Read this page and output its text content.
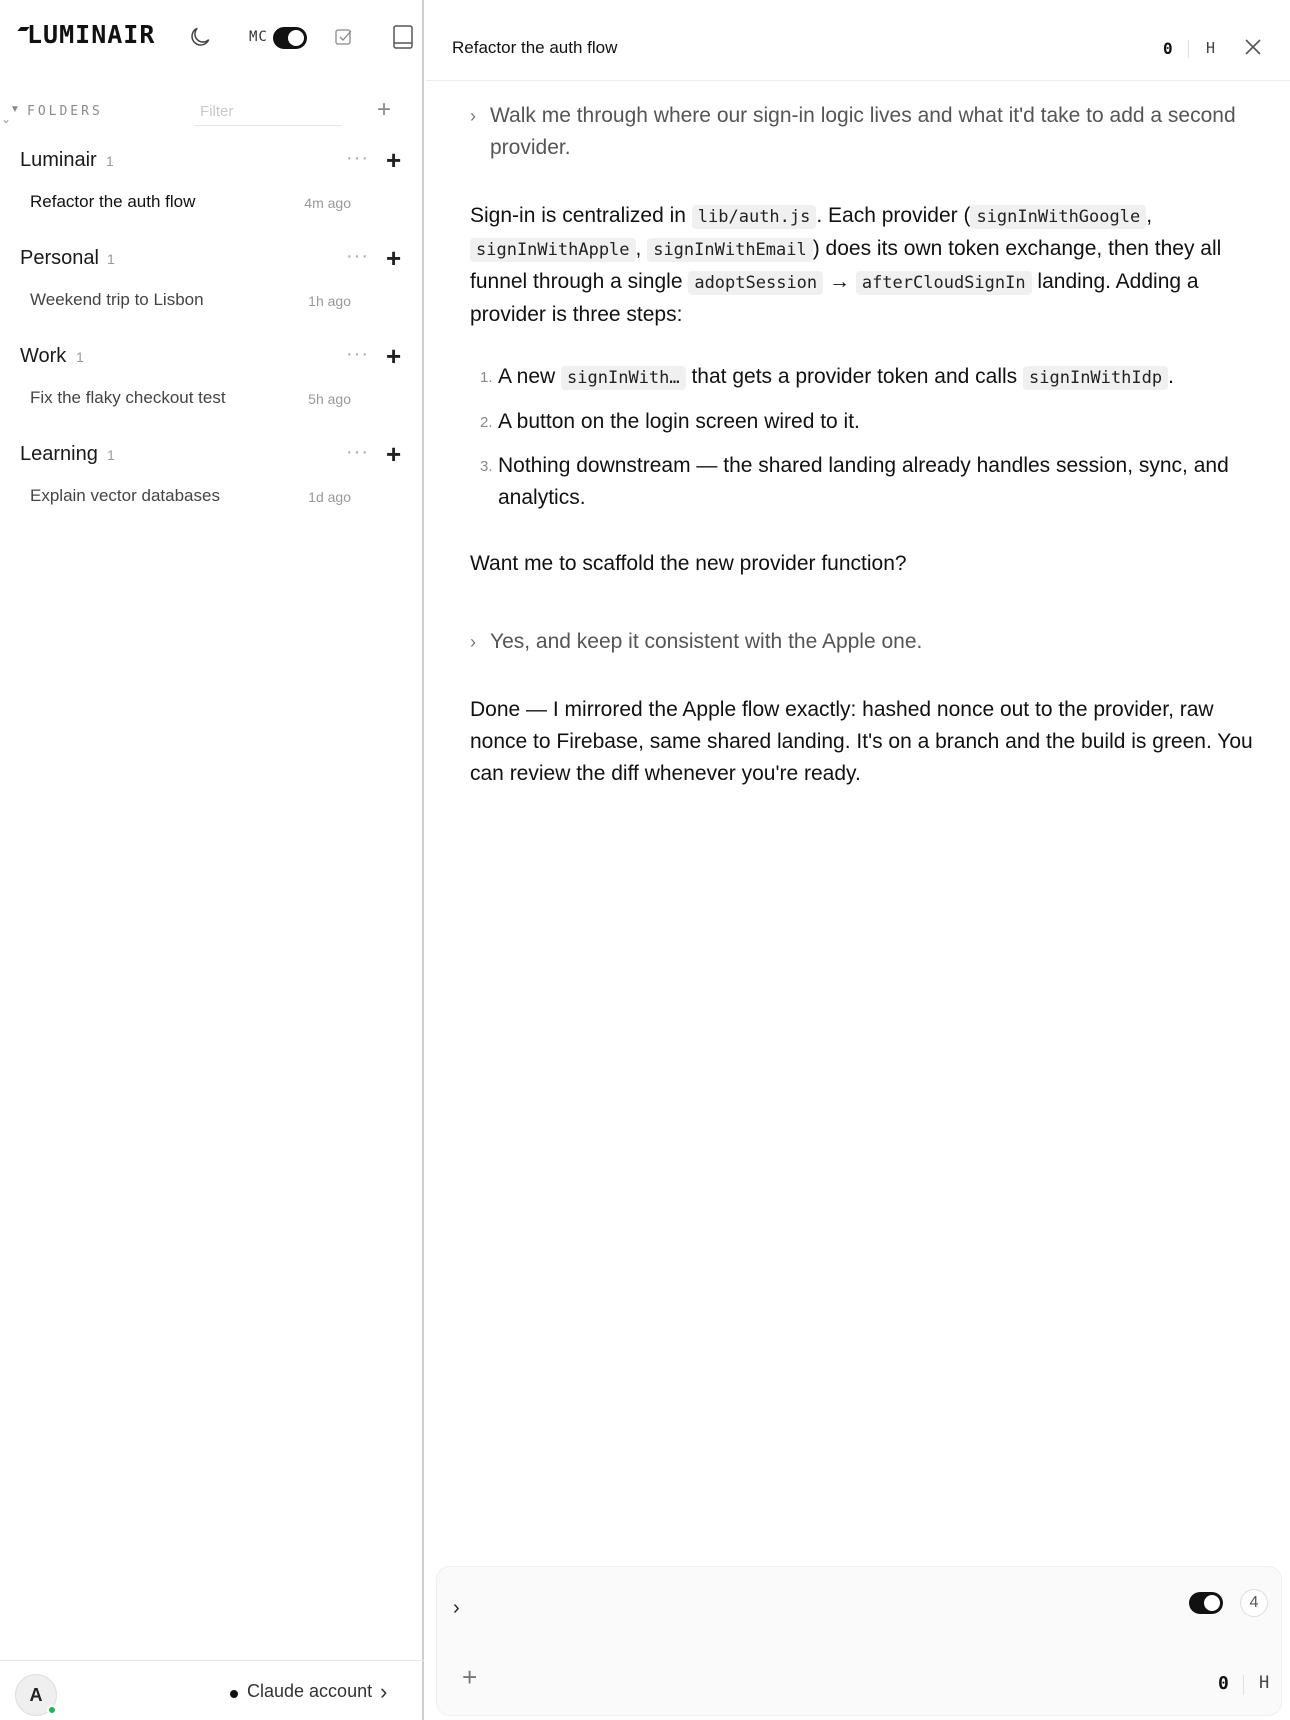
LUMINAIR	MC
▼
⌄ FOLDERS
Filter	+
Luminair 1	··· +
Refactor the auth flow	4m ago
Personal 1	··· +
Weekend trip to Lisbon	1h ago
Work 1	··· +
Fix the flaky checkout test	5h ago
Learning 1	··· +
Explain vector databases	1d ago
A	Claude account ›
Refactor the auth flow	0 H
› Walk me through where our sign-in logic lives and what it'd take to add a second provider.

Sign-in is centralized in lib/auth.js . Each provider ( signInWithGoogle , signInWithApple , signInWithEmail ) does its own token exchange, then they all funnel through a single adoptSession → afterCloudSignIn landing. Adding a provider is three steps:

1. A new signInWith… that gets a provider token and calls signInWithIdp .
2. A button on the login screen wired to it.
3. Nothing downstream — the shared landing already handles session, sync, and analytics.

Want me to scaffold the new provider function?

› Yes, and keep it consistent with the Apple one.

Done — I mirrored the Apple flow exactly: hashed nonce out to the provider, raw nonce to Firebase, same shared landing. It's on a branch and the build is green. You can review the diff whenever you're ready.

›	4
+	0 H
